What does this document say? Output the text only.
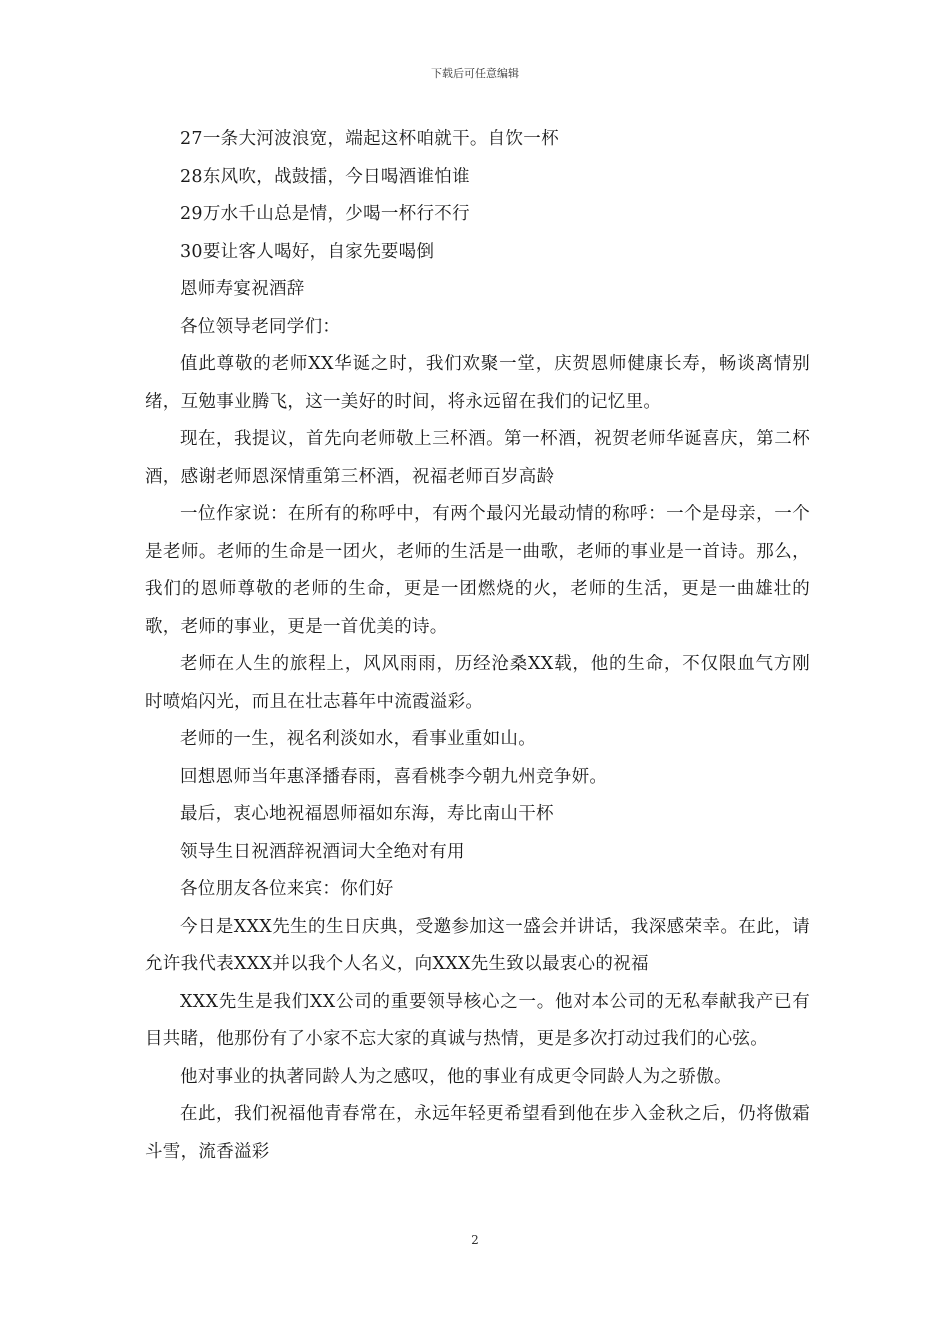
下载后可任意编辑

27一条大河波浪宽，端起这杯咱就干。自饮一杯

28东风吹，战鼓擂，今日喝酒谁怕谁

29万水千山总是情，少喝一杯行不行

30要让客人喝好，自家先要喝倒

恩师寿宴祝酒辞

各位领导老同学们：

值此尊敬的老师XX华诞之时，我们欢聚一堂，庆贺恩师健康长寿，畅谈离情别绪，互勉事业腾飞，这一美好的时间，将永远留在我们的记忆里。

现在，我提议，首先向老师敬上三杯酒。第一杯酒，祝贺老师华诞喜庆，第二杯酒，感谢老师恩深情重第三杯酒，祝福老师百岁高龄

一位作家说：在所有的称呼中，有两个最闪光最动情的称呼：一个是母亲，一个是老师。老师的生命是一团火，老师的生活是一曲歌，老师的事业是一首诗。那么，我们的恩师尊敬的老师的生命，更是一团燃烧的火，老师的生活，更是一曲雄壮的歌，老师的事业，更是一首优美的诗。

老师在人生的旅程上，风风雨雨，历经沧桑XX载，他的生命，不仅限血气方刚时喷焰闪光，而且在壮志暮年中流霞溢彩。

老师的一生，视名利淡如水，看事业重如山。

回想恩师当年惠泽播春雨，喜看桃李今朝九州竞争妍。

最后，衷心地祝福恩师福如东海，寿比南山干杯

领导生日祝酒辞祝酒词大全绝对有用

各位朋友各位来宾：你们好

今日是XXX先生的生日庆典，受邀参加这一盛会并讲话，我深感荣幸。在此，请允许我代表XXX并以我个人名义，向XXX先生致以最衷心的祝福

XXX先生是我们XX公司的重要领导核心之一。他对本公司的无私奉献我产已有目共睹，他那份有了小家不忘大家的真诚与热情，更是多次打动过我们的心弦。

他对事业的执著同龄人为之感叹，他的事业有成更令同龄人为之骄傲。

在此，我们祝福他青春常在，永远年轻更希望看到他在步入金秋之后，仍将傲霜斗雪，流香溢彩

2
